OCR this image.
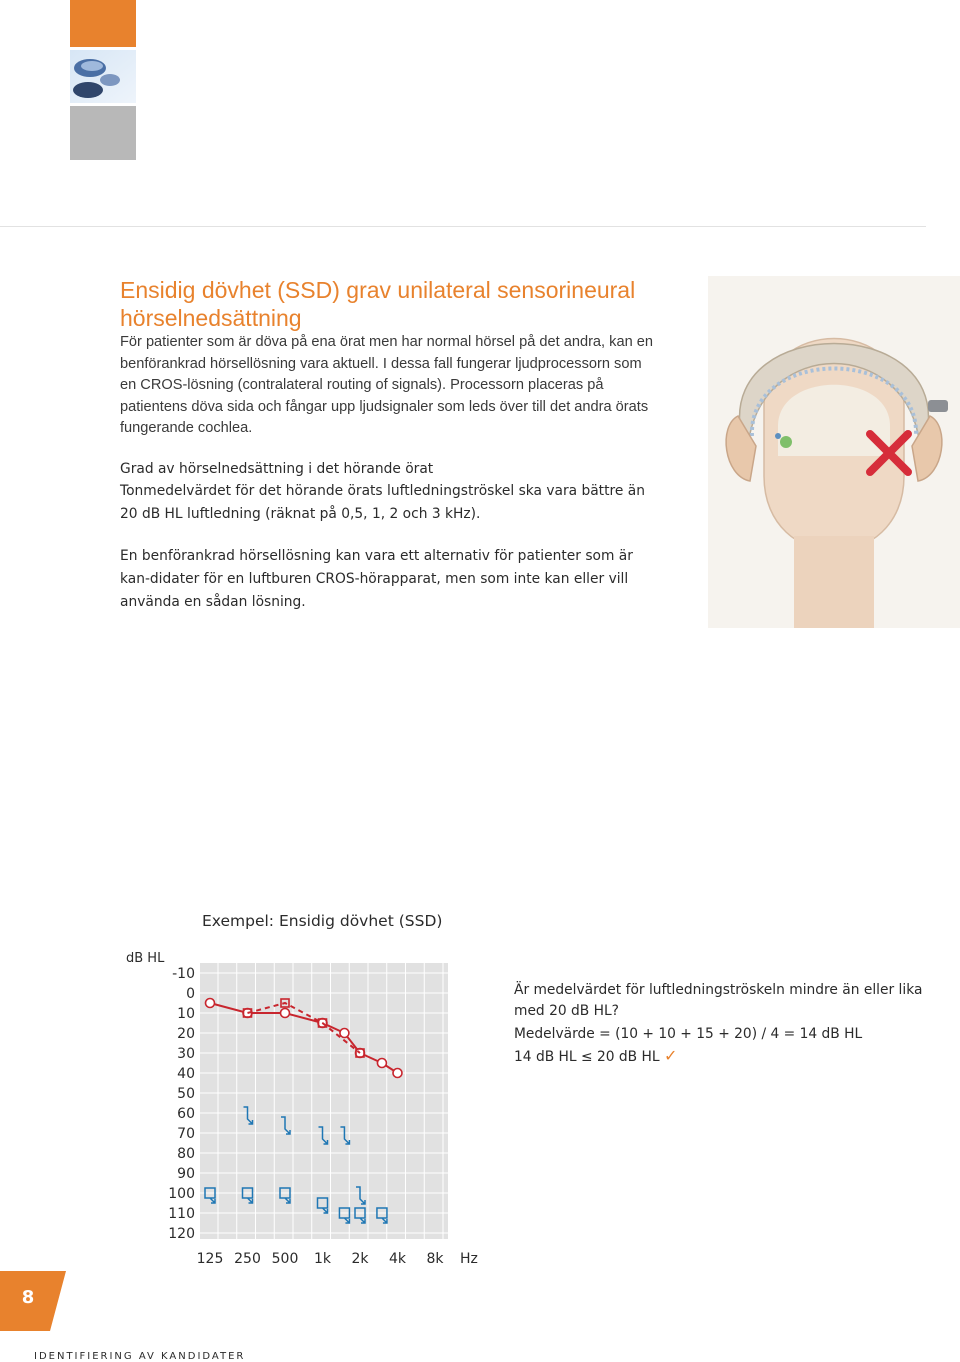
Ensidig dövhet (SSD) grav unilateral sensorineural hörselnedsättning

För patienter som är döva på ena örat men har normal hörsel på det andra, kan en benförankrad hörsellösning vara aktuell. I dessa fall fungerar ljudprocessorn som en CROS-lösning (contralateral routing of signals). Processorn placeras på patientens döva sida och fångar upp ljudsignaler som leds över till det andra örats fungerande cochlea.

Grad av hörselnedsättning i det hörande örat

Tonmedelvärdet för det hörande örats luftledningströskel ska vara bättre än 20 dB HL luftledning (räknat på 0,5, 1, 2 och 3 kHz).

En benförankrad hörsellösning kan vara ett alternativ för patienter som är kan-didater för en luftburen CROS-hörapparat, men som inte kan eller vill använda en sådan lösning.

Exempel: Ensidig dövhet (SSD)
-10
0
10
20
30
40
50
60
70
80
90
100
110
120
125 250 500 1k 2k 4k 8k
dB HL
Hz
Är medelvärdet för luftledningströskeln mindre än eller lika med 20 dB HL?
Medelvärde = (10 + 10 + 15 + 20) / 4 = 14 dB HL
14 dB HL ≤ 20 dB HL ✓
8
IDENTIFIERING AV KANDIDATER
